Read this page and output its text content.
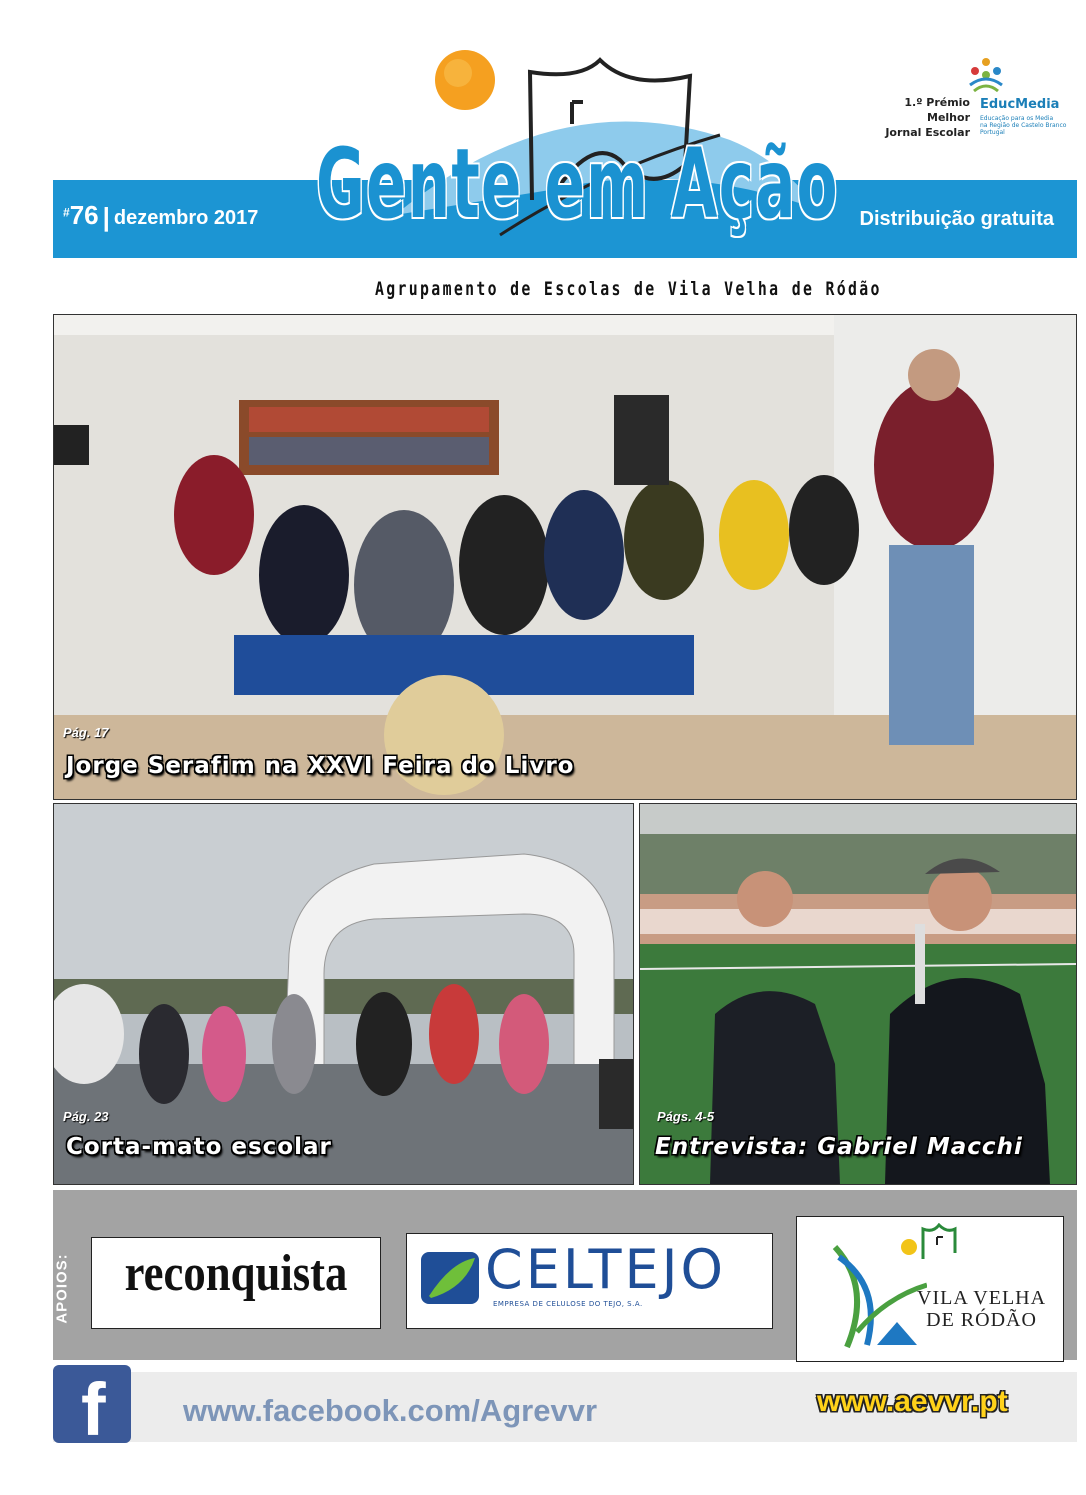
#76 | dezembro 2017	Distribuição gratuita
Gente em Ação
Agrupamento de Escolas de Vila Velha de Ródão
1.º Prémio
Melhor
Jornal Escolar
EducMedia
Educação para os Media
na Região de Castelo Branco
Portugal
Pág. 17
Jorge Serafim na XXVI Feira do Livro
Pág. 23
Corta-mato escolar
Págs. 4-5
Entrevista: Gabriel Macchi
APOIOS: reconquista	CELTEJO
EMPRESA DE CELULOSE DO TEJO, S.A.	VILA VELHA
DE RÓDÃO
f www.facebook.com/Agrevvr	www.aevvr.pt
